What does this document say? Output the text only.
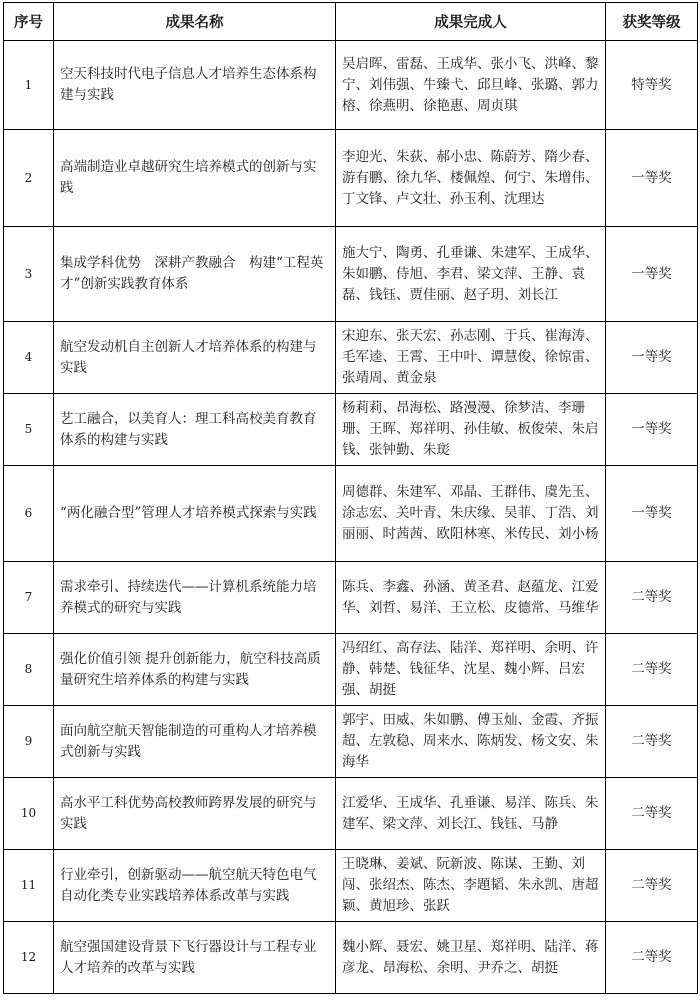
序号	成果名称	成果完成人	获奖等级
1	空天科技时代电子信息人才培养生态体系构建与实践	吴启晖、雷磊、王成华、张小飞、洪峰、黎宁、刘伟强、牛臻弋、邱旦峰、张璐、郭力榕、徐燕明、徐艳惠、周贞琪	特等奖
2	高端制造业卓越研究生培养模式的创新与实践	李迎光、朱荻、郝小忠、陈蔚芳、隋少春、游有鹏、徐九华、楼佩煌、何宁、朱增伟、丁文锋、卢文壮、孙玉利、沈理达	一等奖
3	集成学科优势　深耕产教融合　构建“工程英才”创新实践教育体系	施大宁、陶勇、孔垂谦、朱建军、王成华、朱如鹏、侍旭、李君、梁文萍、王静、袁磊、钱钰、贾佳丽、赵子玥、刘长江	一等奖
4	航空发动机自主创新人才培养体系的构建与实践	宋迎东、张天宏、孙志刚、于兵、崔海涛、毛军逵、王霄、王中叶、谭慧俊、徐惊雷、张靖周、黄金泉	一等奖
5	艺工融合，以美育人：理工科高校美育教育体系的构建与实践	杨莉莉、昂海松、路漫漫、徐梦洁、李珊珊、王晖、郑祥明、孙佳敏、板俊荣、朱启钱、张钟勤、朱珳	一等奖
6	“两化融合型”管理人才培养模式探索与实践	周德群、朱建军、邓晶、王群伟、虞先玉、涂志宏、关叶青、朱庆缘、吴菲、丁浩、刘丽丽、时茜茜、欧阳林寒、米传民、刘小杨	一等奖
7	需求牵引、持续迭代——计算机系统能力培养模式的研究与实践	陈兵、李鑫、孙涵、黄圣君、赵蕴龙、江爱华、刘哲、易洋、王立松、皮德常、马维华	二等奖
8	强化价值引领 提升创新能力，航空科技高质量研究生培养体系的构建与实践	冯绍红、高存法、陆洋、郑祥明、余明、许静、韩楚、钱征华、沈星、魏小辉、吕宏强、胡挺	二等奖
9	面向航空航天智能制造的可重构人才培养模式创新与实践	郭宇、田威、朱如鹏、傅玉灿、金霞、齐振超、左敦稳、周来水、陈炳发、杨文安、朱海华	二等奖
10	高水平工科优势高校教师跨界发展的研究与实践	江爱华、王成华、孔垂谦、易洋、陈兵、朱建军、梁文萍、刘长江、钱钰、马静	二等奖
11	行业牵引，创新驱动——航空航天特色电气自动化类专业实践培养体系改革与实践	王晓琳、姜斌、阮新波、陈谋、王勤、刘闯、张绍杰、陈杰、李題韬、朱永凯、唐超颖、黄旭珍、张跃	二等奖
12	航空强国建设背景下飞行器设计与工程专业人才培养的改革与实践	魏小辉、聂宏、姚卫星、郑祥明、陆洋、蒋彦龙、昂海松、余明、尹乔之、胡挺	二等奖
